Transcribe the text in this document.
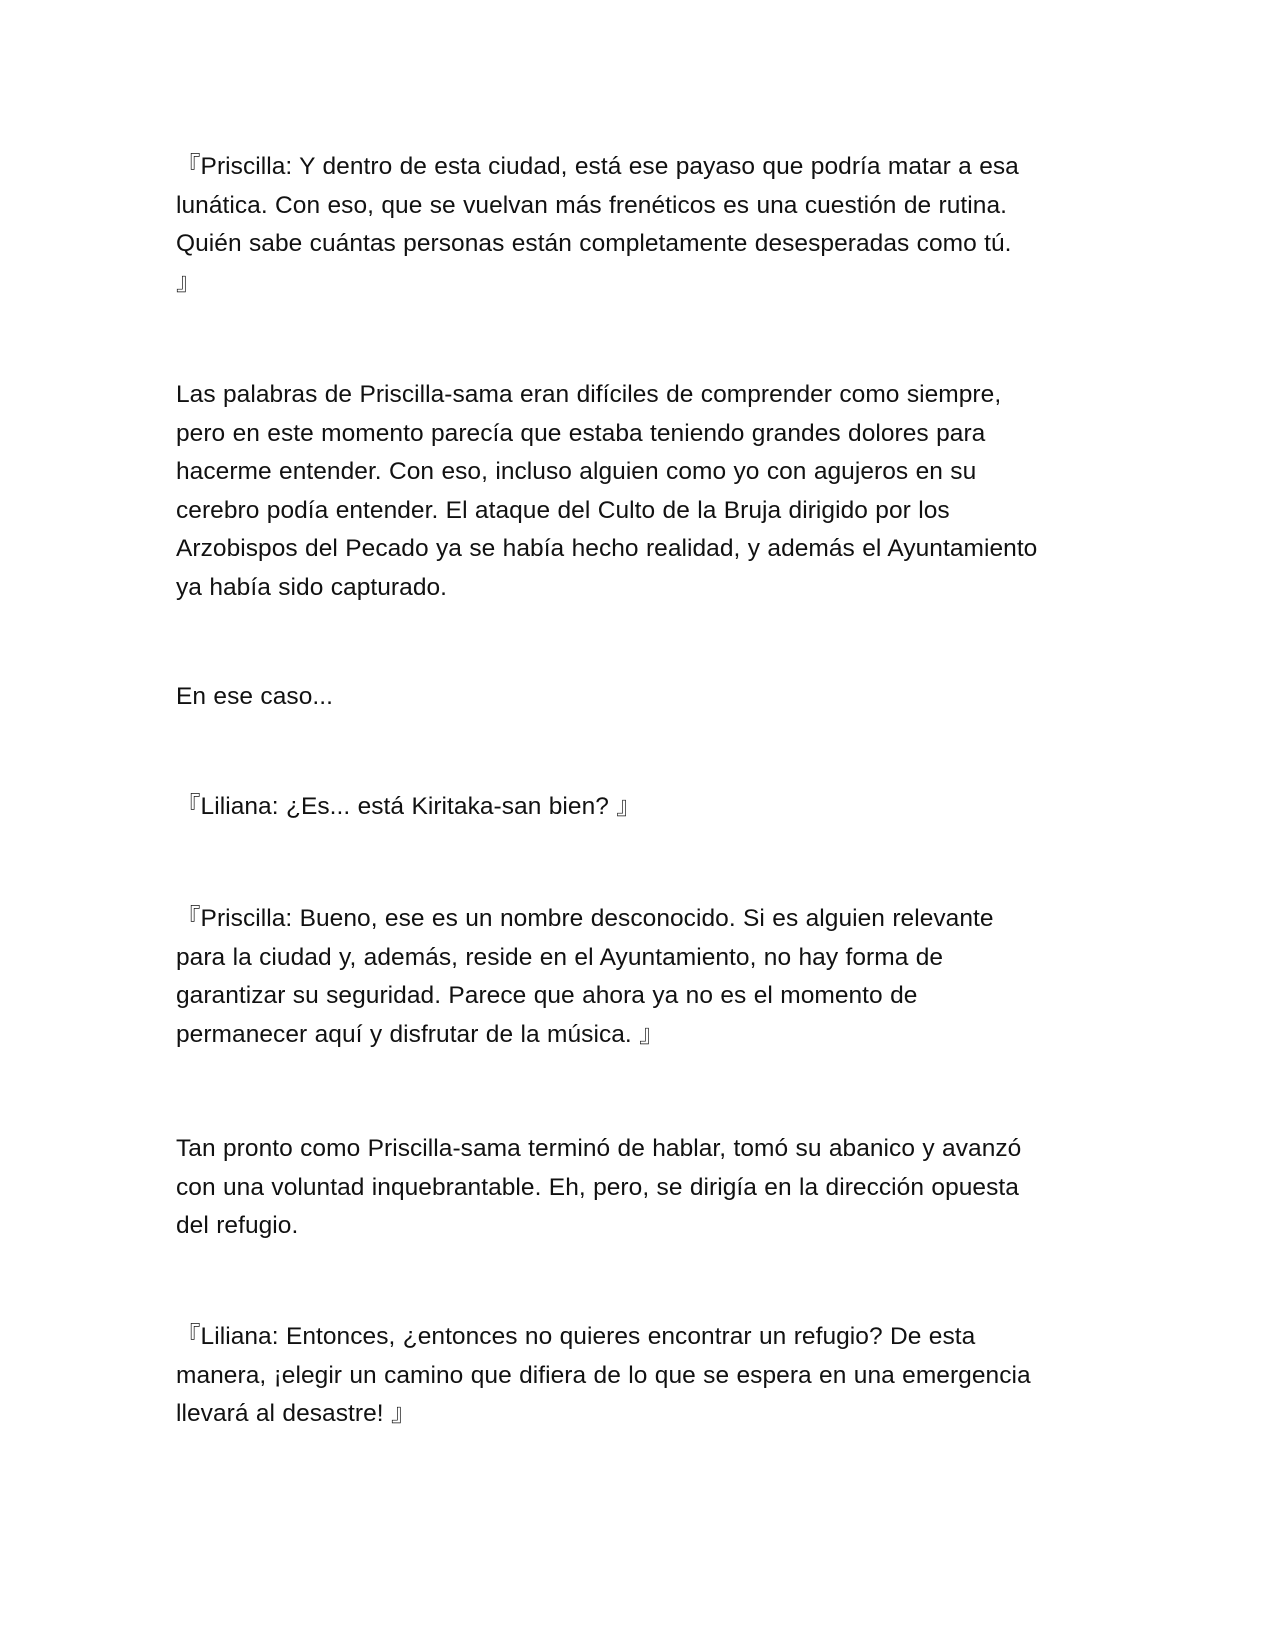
『Priscilla: Y dentro de esta ciudad, está ese payaso que podría matar a esa
lunática. Con eso, que se vuelvan más frenéticos es una cuestión de rutina.
Quién sabe cuántas personas están completamente desesperadas como tú.
』

Las palabras de Priscilla-sama eran difíciles de comprender como siempre,
pero en este momento parecía que estaba teniendo grandes dolores para
hacerme entender. Con eso, incluso alguien como yo con agujeros en su
cerebro podía entender. El ataque del Culto de la Bruja dirigido por los
Arzobispos del Pecado ya se había hecho realidad, y además el Ayuntamiento
ya había sido capturado.

En ese caso...

『Liliana: ¿Es... está Kiritaka-san bien? 』

『Priscilla: Bueno, ese es un nombre desconocido. Si es alguien relevante
para la ciudad y, además, reside en el Ayuntamiento, no hay forma de
garantizar su seguridad. Parece que ahora ya no es el momento de
permanecer aquí y disfrutar de la música. 』

Tan pronto como Priscilla-sama terminó de hablar, tomó su abanico y avanzó
con una voluntad inquebrantable. Eh, pero, se dirigía en la dirección opuesta
del refugio.

『Liliana: Entonces, ¿entonces no quieres encontrar un refugio? De esta
manera, ¡elegir un camino que difiera de lo que se espera en una emergencia
llevará al desastre! 』
